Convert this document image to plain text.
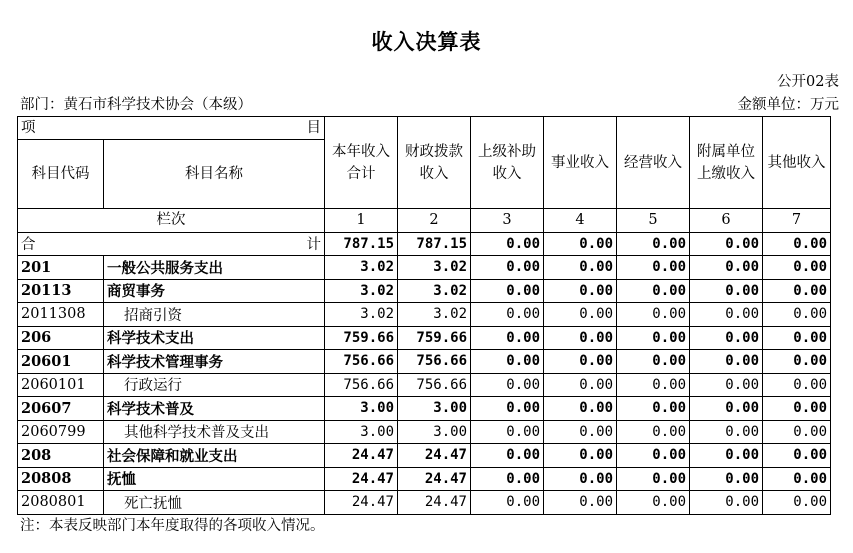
收入决算表
公开02表
部门：黄石市科学技术协会（本级）	金额单位：万元
项 目		本年收入合计	财政拨款收入	上级补助收入	事业收入	经营收入	附属单位上缴收入	其他收入
科目代码	科目名称							
栏次		1	2	3	4	5	6	7

合 计		787.15	787.15	0.00	0.00	0.00	0.00	0.00
201	一般公共服务支出	3.02	3.02	0.00	0.00	0.00	0.00	0.00
20113	商贸事务	3.02	3.02	0.00	0.00	0.00	0.00	0.00
2011308	招商引资	3.02	3.02	0.00	0.00	0.00	0.00	0.00
206	科学技术支出	759.66	759.66	0.00	0.00	0.00	0.00	0.00
20601	科学技术管理事务	756.66	756.66	0.00	0.00	0.00	0.00	0.00
2060101	行政运行	756.66	756.66	0.00	0.00	0.00	0.00	0.00
20607	科学技术普及	3.00	3.00	0.00	0.00	0.00	0.00	0.00
2060799	其他科学技术普及支出	3.00	3.00	0.00	0.00	0.00	0.00	0.00
208	社会保障和就业支出	24.47	24.47	0.00	0.00	0.00	0.00	0.00
20808	抚恤	24.47	24.47	0.00	0.00	0.00	0.00	0.00
2080801	死亡抚恤	24.47	24.47	0.00	0.00	0.00	0.00	0.00
注：本表反映部门本年度取得的各项收入情况。
